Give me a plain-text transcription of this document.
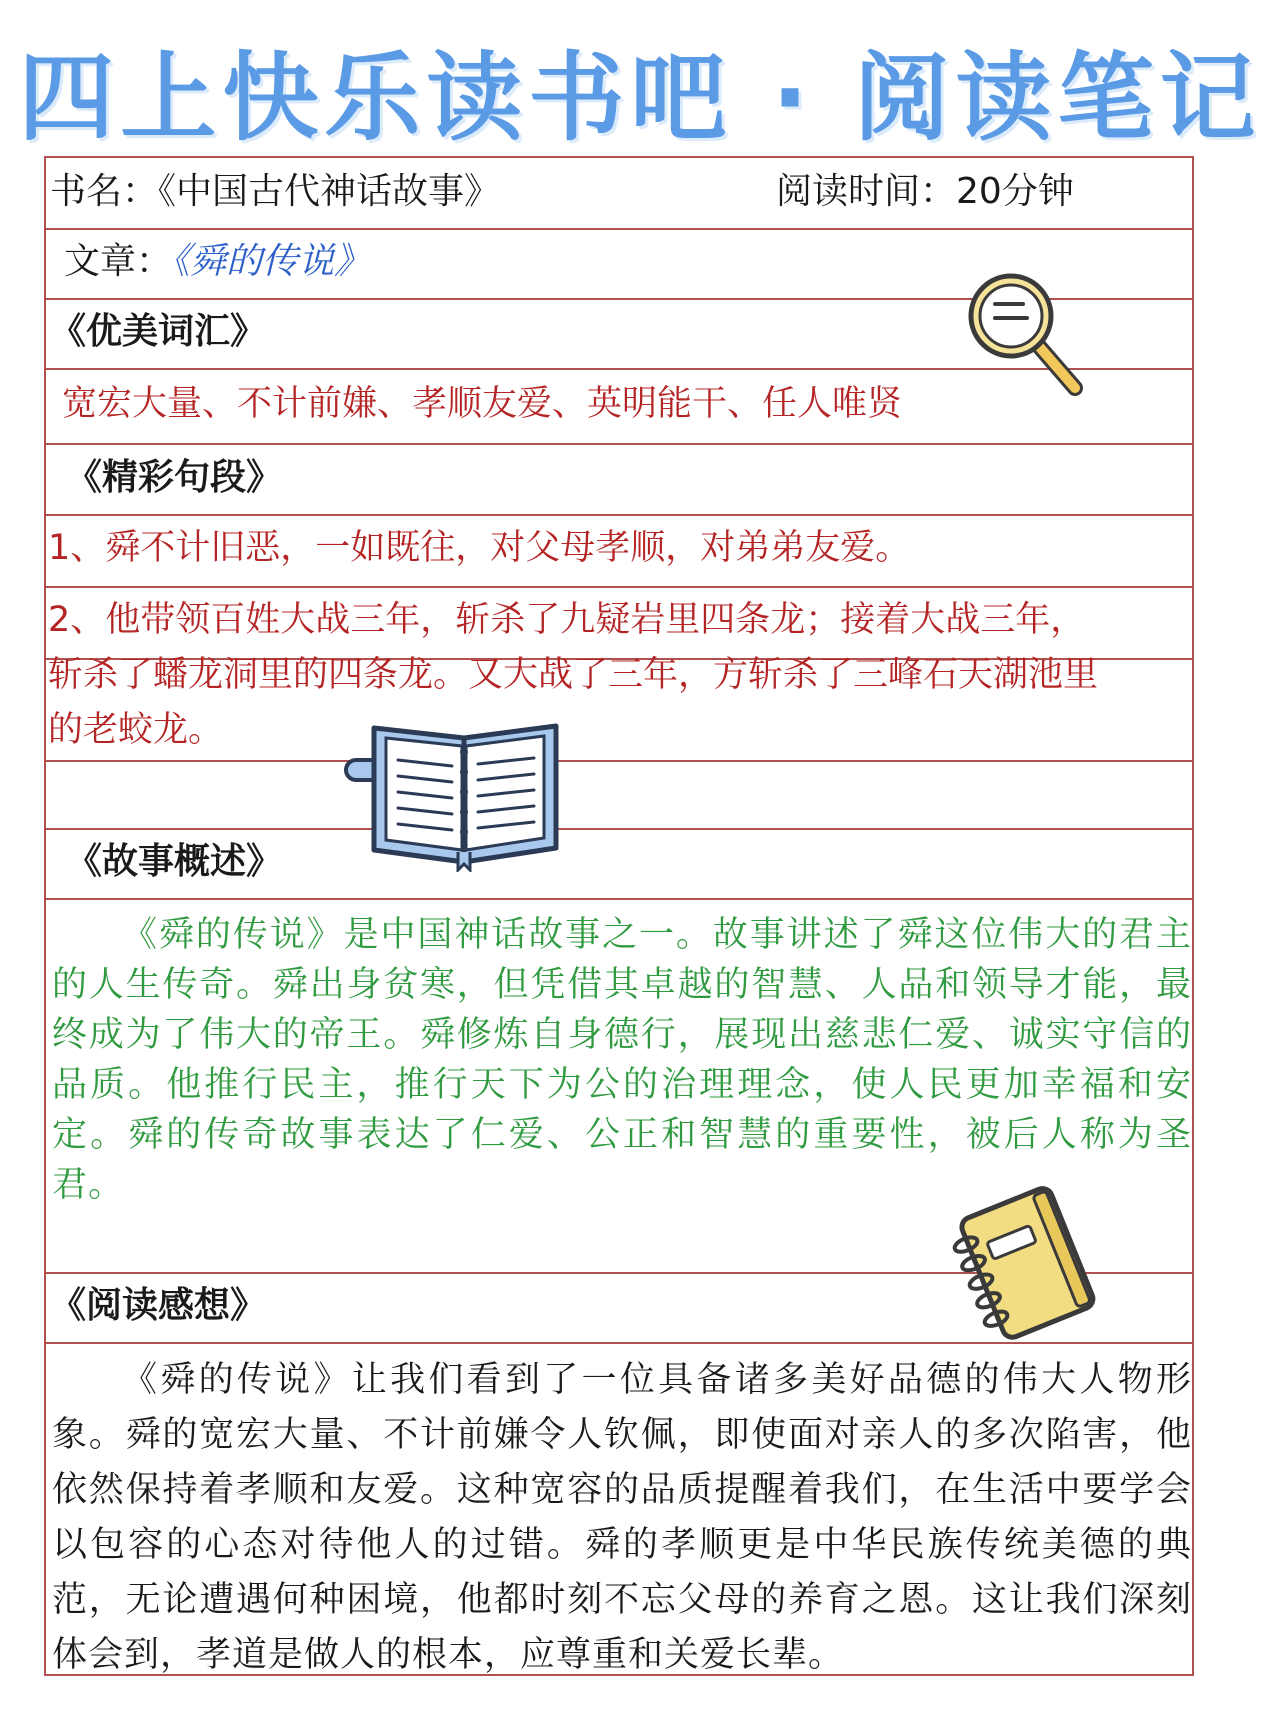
四上快乐读书吧 · 阅读笔记
书名：《中国古代神话故事》	阅读时间：20分钟
文章：《舜的传说》
《优美词汇》
宽宏大量、不计前嫌、孝顺友爱、英明能干、任人唯贤
《精彩句段》
1、舜不计旧恶，一如既往，对父母孝顺，对弟弟友爱。
2、他带领百姓大战三年，斩杀了九疑岩里四条龙；接着大战三年，
斩杀了蟠龙洞里的四条龙。又大战了三年，方斩杀了三峰石天湖池里
的老蛟龙。
《故事概述》
《舜的传说》是中国神话故事之一。故事讲述了舜这位伟大的君主的人生传奇。舜出身贫寒，但凭借其卓越的智慧、人品和领导才能，最终成为了伟大的帝王。舜修炼自身德行，展现出慈悲仁爱、诚实守信的品质。他推行民主，推行天下为公的治理理念，使人民更加幸福和安定。舜的传奇故事表达了仁爱、公正和智慧的重要性，被后人称为圣君。
《阅读感想》
《舜的传说》让我们看到了一位具备诸多美好品德的伟大人物形象。舜的宽宏大量、不计前嫌令人钦佩，即使面对亲人的多次陷害，他依然保持着孝顺和友爱。这种宽容的品质提醒着我们，在生活中要学会以包容的心态对待他人的过错。舜的孝顺更是中华民族传统美德的典范，无论遭遇何种困境，他都时刻不忘父母的养育之恩。这让我们深刻体会到，孝道是做人的根本，应尊重和关爱长辈。
